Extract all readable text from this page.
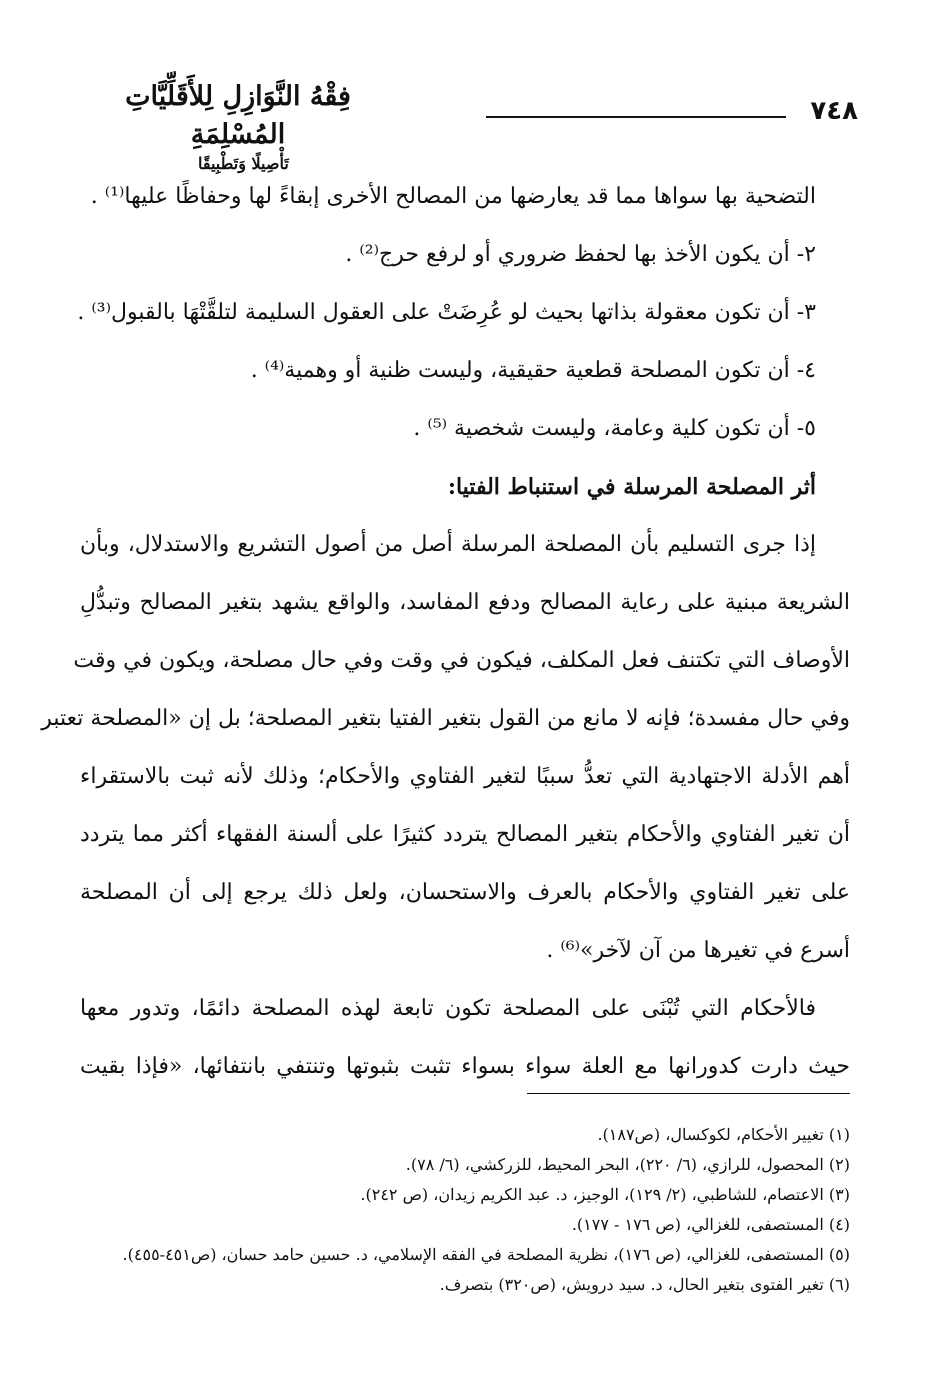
فِقْهُ النَّوَازِلِ لِلأَقَلِّيَّاتِ المُسْلِمَةِ
تَأْصِيلًا وَتَطْبِيقًا
٧٤٨
التضحية بها سواها مما قد يعارضها من المصالح الأخرى إبقاءً لها وحفاظًا عليها⁽¹⁾ .
٢- أن يكون الأخذ بها لحفظ ضروري أو لرفع حرج⁽²⁾ .
٣- أن تكون معقولة بذاتها بحيث لو عُرِضَتْ على العقول السليمة لتلقَّتْهَا بالقبول⁽³⁾ .
٤- أن تكون المصلحة قطعية حقيقية، وليست ظنية أو وهمية⁽⁴⁾ .
٥- أن تكون كلية وعامة، وليست شخصية ⁽⁵⁾ .
أثر المصلحة المرسلة في استنباط الفتيا:
إذا جرى التسليم بأن المصلحة المرسلة أصل من أصول التشريع والاستدلال، وبأن
الشريعة مبنية على رعاية المصالح ودفع المفاسد، والواقع يشهد بتغير المصالح وتبدُّلِ
الأوصاف التي تكتنف فعل المكلف، فيكون في وقت وفي حال مصلحة، ويكون في وقت
وفي حال مفسدة؛ فإنه لا مانع من القول بتغير الفتيا بتغير المصلحة؛ بل إن «المصلحة تعتبر
أهم الأدلة الاجتهادية التي تعدُّ سببًا لتغير الفتاوي والأحكام؛ وذلك لأنه ثبت بالاستقراء
أن تغير الفتاوي والأحكام بتغير المصالح يتردد كثيرًا على ألسنة الفقهاء أكثر مما يتردد
على تغير الفتاوي والأحكام بالعرف والاستحسان، ولعل ذلك يرجع إلى أن المصلحة
أسرع في تغيرها من آن لآخر»⁽⁶⁾ .
فالأحكام التي تُبْنَى على المصلحة تكون تابعة لهذه المصلحة دائمًا، وتدور معها
حيث دارت كدورانها مع العلة سواء بسواء تثبت بثبوتها وتنتفي بانتفائها، «فإذا بقيت
(١) تغيير الأحكام، لكوكسال، (ص١٨٧).
(٢) المحصول، للرازي، (٦/ ٢٢٠)، البحر المحيط، للزركشي، (٦/ ٧٨).
(٣) الاعتصام، للشاطبي، (٢/ ١٢٩)، الوجيز، د. عبد الكريم زيدان، (ص ٢٤٢).
(٤) المستصفى، للغزالي، (ص ١٧٦ - ١٧٧).
(٥) المستصفى، للغزالي، (ص ١٧٦)، نظرية المصلحة في الفقه الإسلامي، د. حسين حامد حسان، (ص٤٥١-٤٥٥).
(٦) تغير الفتوى بتغير الحال، د. سيد درويش، (ص٣٢٠) بتصرف.
